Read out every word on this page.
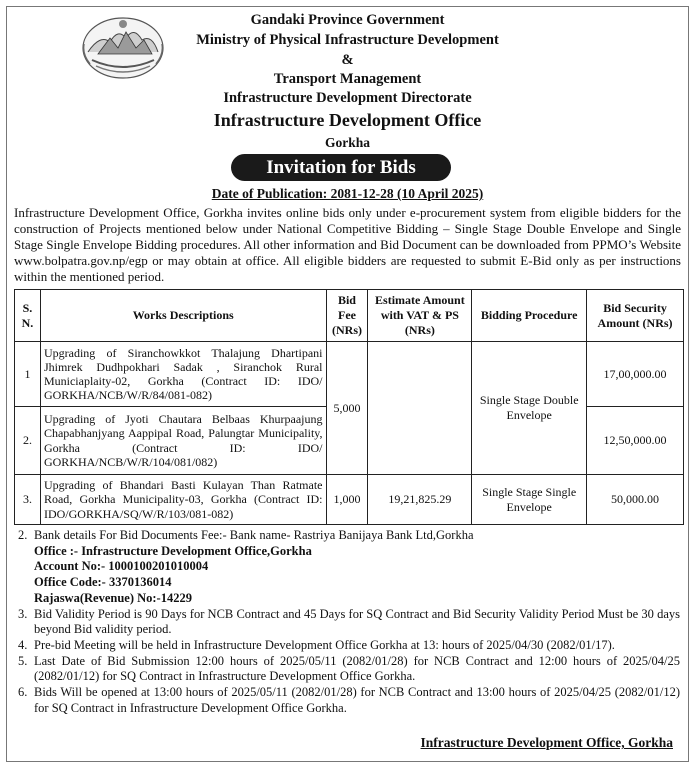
Gandaki Province Government
Ministry of Physical Infrastructure Development
&
Transport Management
Infrastructure Development Directorate
Infrastructure Development Office
Gorkha
Invitation for Bids
Date of Publication: 2081-12-28 (10 April 2025)
Infrastructure Development Office, Gorkha invites online bids only under e-procurement system from eligible bidders for the construction of Projects mentioned below under National Competitive Bidding – Single Stage Double Envelope and Single Stage Single Envelope Bidding procedures. All other information and Bid Document can be downloaded from PPMO’s Website www.bolpatra.gov.np/egp or may obtain at office. All eligible bidders are requested to submit E-Bid only as per instructions within the mentioned period.
S. N.	Works Descriptions	Bid Fee (NRs)	Estimate Amount with VAT & PS (NRs)	Bidding Procedure	Bid Security Amount (NRs)
1	Upgrading of Siranchowkkot Thalajung Dhartipani Jhimrek Dudhpokhari Sadak , Siranchok Rural Municiaplaity-02, Gorkha (Contract ID: IDO/ GORKHA/NCB/W/R/84/081-082)	5,000		Single Stage Double Envelope	17,00,000.00
2.	Upgrading of Jyoti Chautara Belbaas Khurpaajung Chapabhanjyang Aappipal Road, Palungtar Municipality, Gorkha (Contract ID: IDO/ GORKHA/NCB/W/R/104/081/082)				12,50,000.00
3.	Upgrading of Bhandari Basti Kulayan Than Ratmate Road, Gorkha Municipality-03, Gorkha (Contract ID: IDO/GORKHA/SQ/W/R/103/081-082)	1,000	19,21,825.29	Single Stage Single Envelope	50,000.00
2. Bank details For Bid Documents Fee:- Bank name- Rastriya Banijaya Bank Ltd,Gorkha
Office :- Infrastructure Development Office,Gorkha
Account No:- 1000100201010004
Office Code:- 3370136014
Rajaswa(Revenue) No:-14229
3. Bid Validity Period is 90 Days for NCB Contract and 45 Days for SQ Contract and Bid Security Validity Period Must be 30 days beyond Bid validity period.
4. Pre-bid Meeting will be held in Infrastructure Development Office Gorkha at 13: hours of 2025/04/30 (2082/01/17).
5. Last Date of Bid Submission 12:00 hours of 2025/05/11 (2082/01/28) for NCB Contract and 12:00 hours of 2025/04/25 (2082/01/12) for SQ Contract in Infrastructure Development Office Gorkha.
6. Bids Will be opened at 13:00 hours of 2025/05/11 (2082/01/28) for NCB Contract and 13:00 hours of 2025/04/25 (2082/01/12) for SQ Contract in Infrastructure Development Office Gorkha.
Infrastructure Development Office, Gorkha
